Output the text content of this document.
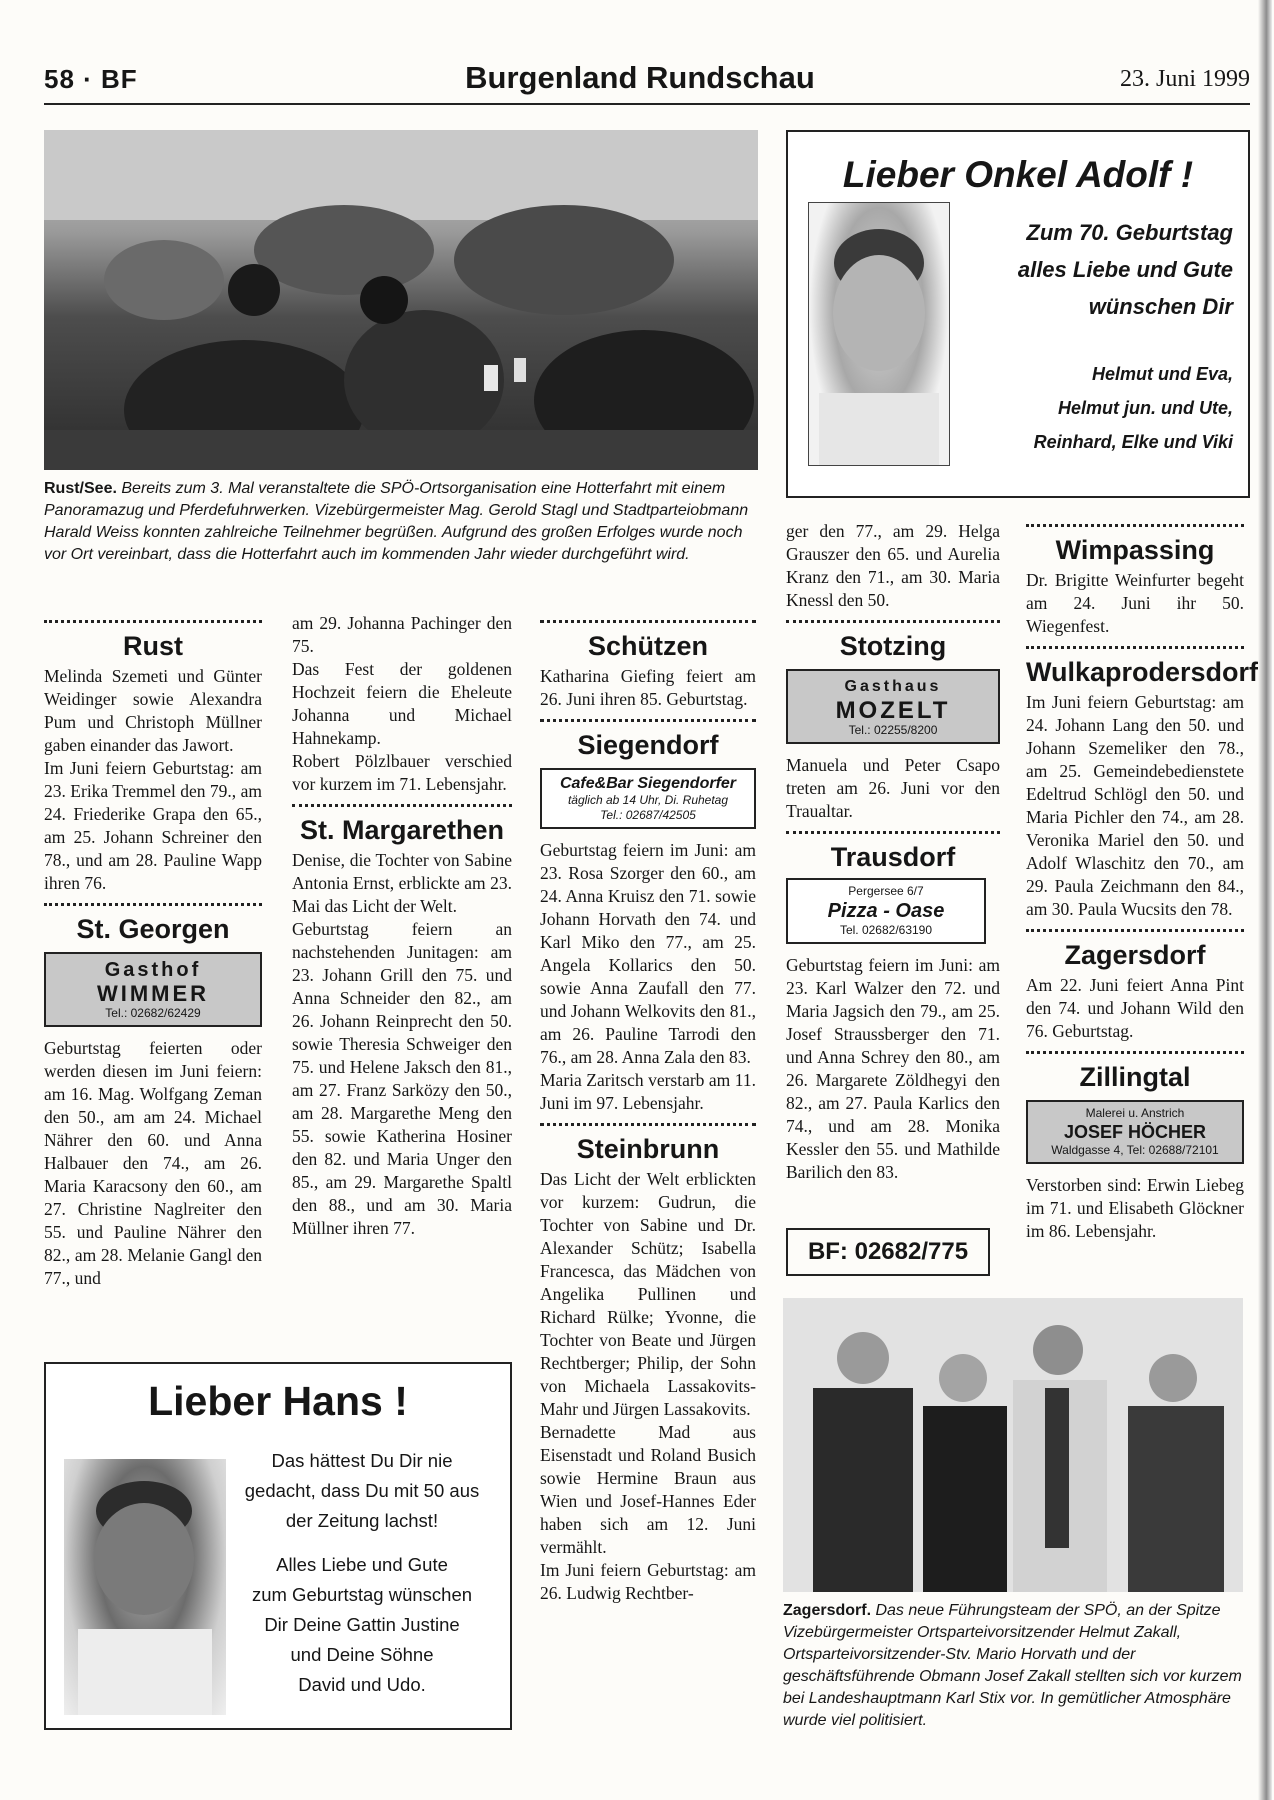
58 · BF	Burgenland Rundschau	23. Juni 1999
Rust/See. Bereits zum 3. Mal veranstaltete die SPÖ-Ortsorganisation eine Hotterfahrt mit einem Panoramazug und Pferdefuhrwerken. Vizebürgermeister Mag. Gerold Stagl und Stadtparteiobmann Harald Weiss konnten zahlreiche Teilnehmer begrüßen. Aufgrund des großen Erfolges wurde noch vor Ort vereinbart, dass die Hotterfahrt auch im kommenden Jahr wieder durchgeführt wird.
Lieber Onkel Adolf !
Zum 70. Geburtstag
alles Liebe und Gute
wünschen Dir
Helmut und Eva,
Helmut jun. und Ute,
Reinhard, Elke und Viki
Rust

Melinda Szemeti und Günter Weidinger sowie Alexandra Pum und Christoph Müllner gaben einander das Jawort.

Im Juni feiern Geburtstag: am 23. Erika Tremmel den 79., am 24. Friederike Grapa den 65., am 25. Johann Schreiner den 78., und am 28. Pauline Wapp ihren 76.

St. Georgen
Gasthof
WIMMER
Tel.: 02682/62429

Geburtstag feierten oder werden diesen im Juni feiern: am 16. Mag. Wolfgang Zeman den 50., am am 24. Michael Nährer den 60. und Anna Halbauer den 74., am 26. Maria Karacsony den 60., am 27. Christine Naglreiter den 55. und Pauline Nährer den 82., am 28. Melanie Gangl den 77., und

am 29. Johanna Pachinger den 75.

Das Fest der goldenen Hochzeit feiern die Eheleute Johanna und Michael Hahnekamp.

Robert Pölzlbauer verschied vor kurzem im 71. Lebensjahr.

St. Margarethen

Denise, die Tochter von Sabine Antonia Ernst, erblickte am 23. Mai das Licht der Welt.

Geburtstag feiern an nachstehenden Junitagen: am 23. Johann Grill den 75. und Anna Schneider den 82., am 26. Johann Reinprecht den 50. sowie Theresia Schweiger den 75. und Helene Jaksch den 81., am 27. Franz Sarközy den 50., am 28. Margarethe Meng den 55. sowie Katherina Hosiner den 82. und Maria Unger den 85., am 29. Margarethe Spaltl den 88., und am 30. Maria Müllner ihren 77.

Schützen

Katharina Giefing feiert am 26. Juni ihren 85. Geburtstag.

Siegendorf
Cafe&Bar Siegendorfer
täglich ab 14 Uhr, Di. Ruhetag
Tel.: 02687/42505

Geburtstag feiern im Juni: am 23. Rosa Szorger den 60., am 24. Anna Kruisz den 71. sowie Johann Horvath den 74. und Karl Miko den 77., am 25. Angela Kollarics den 50. sowie Anna Zaufall den 77. und Johann Welkovits den 81., am 26. Pauline Tarrodi den 76., am 28. Anna Zala den 83.

Maria Zaritsch verstarb am 11. Juni im 97. Lebensjahr.

Steinbrunn

Das Licht der Welt erblickten vor kurzem: Gudrun, die Tochter von Sabine und Dr. Alexander Schütz; Isabella Francesca, das Mädchen von Angelika Pullinen und Richard Rülke; Yvonne, die Tochter von Beate und Jürgen Rechtberger; Philip, der Sohn von Michaela Lassakovits-Mahr und Jürgen Lassakovits.

Bernadette Mad aus Eisenstadt und Roland Busich sowie Hermine Braun aus Wien und Josef-Hannes Eder haben sich am 12. Juni vermählt.

Im Juni feiern Geburtstag: am 26. Ludwig Rechtber-

ger den 77., am 29. Helga Grauszer den 65. und Aurelia Kranz den 71., am 30. Maria Knessl den 50.

Stotzing
Gasthaus
MOZELT
Tel.: 02255/8200

Manuela und Peter Csapo treten am 26. Juni vor den Traualtar.

Trausdorf
Pergersee 6/7
Pizza - Oase
Tel. 02682/63190

Geburtstag feiern im Juni: am 23. Karl Walzer den 72. und Maria Jagsich den 79., am 25. Josef Straussberger den 71. und Anna Schrey den 80., am 26. Margarete Zöldhegyi den 82., am 27. Paula Karlics den 74., und am 28. Monika Kessler den 55. und Mathilde Barilich den 83.

Wimpassing

Dr. Brigitte Weinfurter begeht am 24. Juni ihr 50. Wiegenfest.

Wulkaprodersdorf

Im Juni feiern Geburtstag: am 24. Johann Lang den 50. und Johann Szemeliker den 78., am 25. Gemeindebedienstete Edeltrud Schlögl den 50. und Maria Pichler den 74., am 28. Veronika Mariel den 50. und Adolf Wlaschitz den 70., am 29. Paula Zeichmann den 84., am 30. Paula Wucsits den 78.

Zagersdorf

Am 22. Juni feiert Anna Pint den 74. und Johann Wild den 76. Geburtstag.

Zillingtal
Malerei u. Anstrich
JOSEF HÖCHER
Waldgasse 4, Tel: 02688/72101

Verstorben sind: Erwin Liebeg im 71. und Elisabeth Glöckner im 86. Lebensjahr.

BF: 02682/775
Zagersdorf. Das neue Führungsteam der SPÖ, an der Spitze Vizebürgermeister Ortsparteivorsitzender Helmut Zakall, Ortsparteivorsitzender-Stv. Mario Horvath und der geschäftsführende Obmann Josef Zakall stellten sich vor kurzem bei Landeshauptmann Karl Stix vor. In gemütlicher Atmosphäre wurde viel politisiert.
Lieber Hans !
Das hättest Du Dir nie
gedacht, dass Du mit 50 aus
der Zeitung lachst!
Alles Liebe und Gute
zum Geburtstag wünschen
Dir Deine Gattin Justine
und Deine Söhne
David und Udo.
